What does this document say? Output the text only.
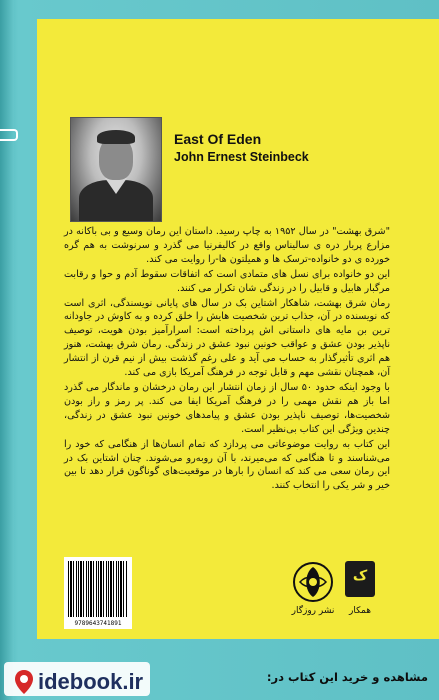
East Of Eden
John Ernest Steinbeck

"شرق بهشت" در سال ۱۹۵۲ به چاپ رسید. داستان این رمان وسیع و بی باکانه در مزارع پربار دره ی سالیناس واقع در کالیفرنیا می گذرد و سرنوشت به هم گره خورده ی دو خانواده-ترسک ها و همیلتون ها-را روایت می کند.

این دو خانواده برای نسل های متمادی است که اتفاقات سقوط آدم و حوا و رقابت مرگبار هابیل و قابیل را در زندگی شان تکرار می کنند.

رمان شرق بهشت، شاهکار اشتاین بک در سال های پایانی نویسندگی، اثری است که نویسنده در آن، جذاب ترین شخصیت هایش را خلق کرده و به کاوش در جاودانه ترین بن مایه های داستانی اش پرداخته است: اسرارآمیز بودن هویت، توصیف ناپذیر بودن عشق و عواقب خونین نبود عشق در زندگی. رمان شرق بهشت، هنوز هم اثری تأثیرگذار به حساب می آید و علی رغم گذشت بیش از نیم قرن از انتشار آن، همچنان نقشی مهم و قابل توجه در فرهنگ آمریکا بازی می کند.

با وجود اینکه حدود ۵۰ سال از زمان انتشار این رمان درخشان و ماندگار می گذرد اما باز هم نقش مهمی را در فرهنگ آمریکا ایفا می کند. پر رمز و راز بودن شخصیت‌ها، توصیف ناپذیر بودن عشق و پیامدهای خونین نبود عشق در زندگی، چندین ویژگی این کتاب بی‌نظیر است.

این کتاب به روایت موضوعاتی می پردازد که تمام انسان‌ها از هنگامی که خود را می‌شناسند و تا هنگامی که می‌میرند، با آن روبه‌رو می‌شوند. چنان اشتاین بک در این رمان سعی می کند که انسان را بارها در موقعیت‌های گوناگون قرار دهد تا بین خیر و شر یکی را انتخاب کنند.

9789643741891
نشر روزگار
ک
همکار
idebook.ir	مشاهده و خرید این کتاب در:
